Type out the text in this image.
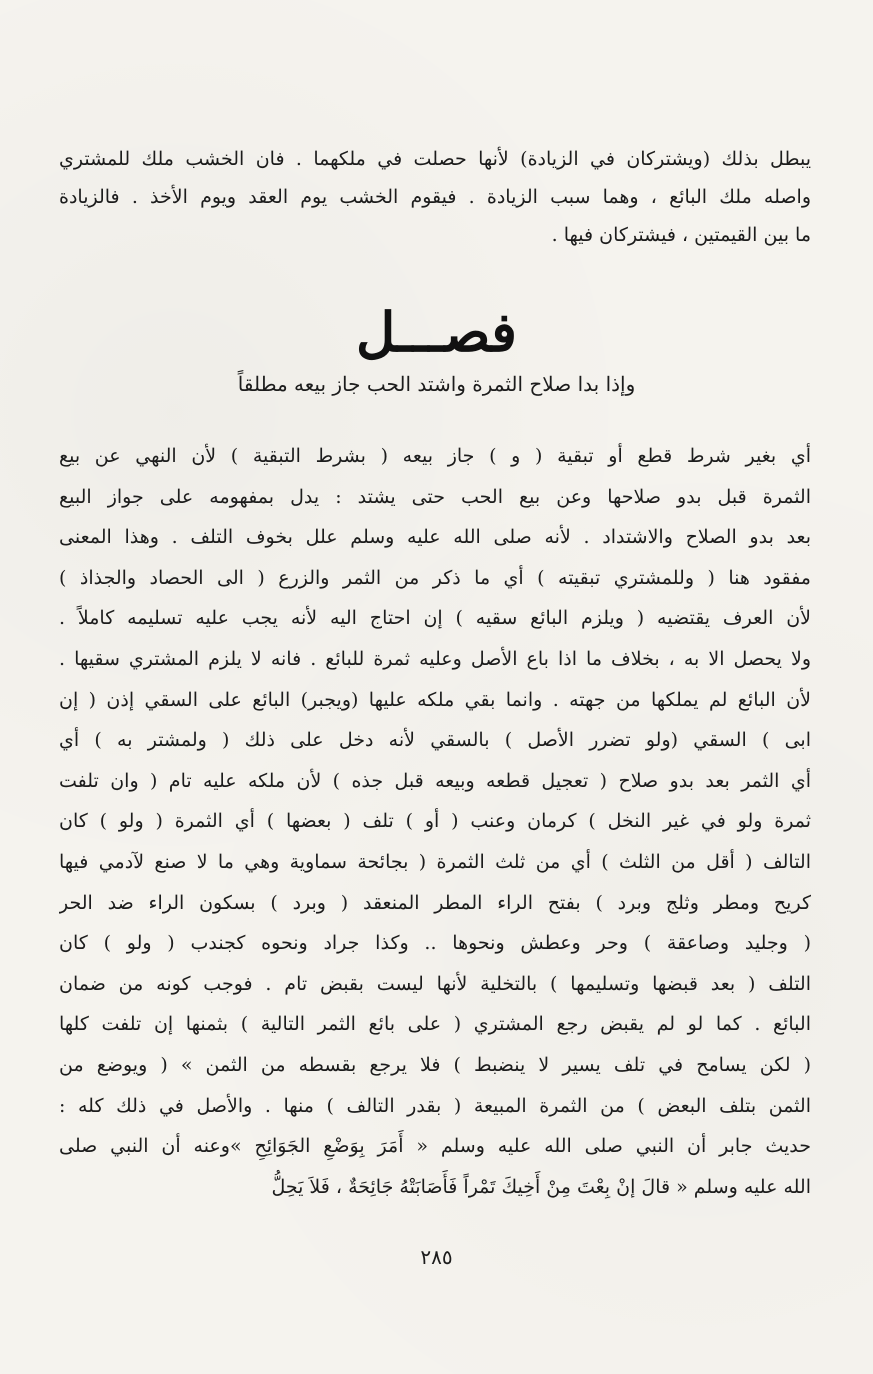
يبطل بذلك (ويشتركان في الزيادة) لأنها حصلت في ملكهما . فان الخشب ملك للمشتري
واصله ملك البائع ، وهما سبب الزيادة . فيقوم الخشب يوم العقد ويوم الأخذ . فالزيادة
ما بين القيمتين ، فيشتركان فيها .
فصـــل
وإذا بدا صلاح الثمرة واشتد الحب جاز بيعه مطلقاً
أي بغير شرط قطع أو تبقية ( و ) جاز بيعه ( بشرط التبقية ) لأن النهي عن بيع
الثمرة قبل بدو صلاحها وعن بيع الحب حتى يشتد : يدل بمفهومه على جواز البيع
بعد بدو الصلاح والاشتداد . لأنه صلى الله عليه وسلم علل بخوف التلف . وهذا المعنى
مفقود هنا ( وللمشتري تبقيته ) أي ما ذكر من الثمر والزرع ( الى الحصاد والجذاذ )
لأن العرف يقتضيه ( ويلزم البائع سقيه ) إن احتاج اليه لأنه يجب عليه تسليمه كاملاً .
ولا يحصل الا به ، بخلاف ما اذا باع الأصل وعليه ثمرة للبائع . فانه لا يلزم المشتري سقيها .
لأن البائع لم يملكها من جهته . وانما بقي ملكه عليها (ويجبر) البائع على السقي إذن ( إن
ابى ) السقي (ولو تضرر الأصل ) بالسقي لأنه دخل على ذلك ( ولمشتر به ) أي
أي الثمر بعد بدو صلاح ( تعجيل قطعه وبيعه قبل جذه ) لأن ملكه عليه تام ( وان تلفت
ثمرة ولو في غير النخل ) كرمان وعنب ( أو ) تلف ( بعضها ) أي الثمرة ( ولو ) كان
التالف ( أقل من الثلث ) أي من ثلث الثمرة ( بجائحة سماوية وهي ما لا صنع لآدمي فيها
كريح ومطر وثلج وبرد ) بفتح الراء المطر المنعقد ( وبرد ) بسكون الراء ضد الحر
( وجليد وصاعقة ) وحر وعطش ونحوها .. وكذا جراد ونحوه كجندب ( ولو ) كان
التلف ( بعد قبضها وتسليمها ) بالتخلية لأنها ليست بقبض تام . فوجب كونه من ضمان
البائع . كما لو لم يقبض رجع المشتري ( على بائع الثمر التالية ) بثمنها إن تلفت كلها
( لكن يسامح في تلف يسير لا ينضبط ) فلا يرجع بقسطه من الثمن » ( ويوضع من
الثمن بتلف البعض ) من الثمرة المبيعة ( بقدر التالف ) منها . والأصل في ذلك كله :
حديث جابر أن النبي صلى الله عليه وسلم « أَمَرَ بِوَضْعِ الجَوَائِحِ »وعنه أن النبي صلى
الله عليه وسلم « قالَ إنْ بِعْتَ مِنْ أَخِيكَ تَمْراً فَأَصَابَتْهُ جَائِحَةٌ ، فَلاَ يَحِلُّ
٢٨٥
